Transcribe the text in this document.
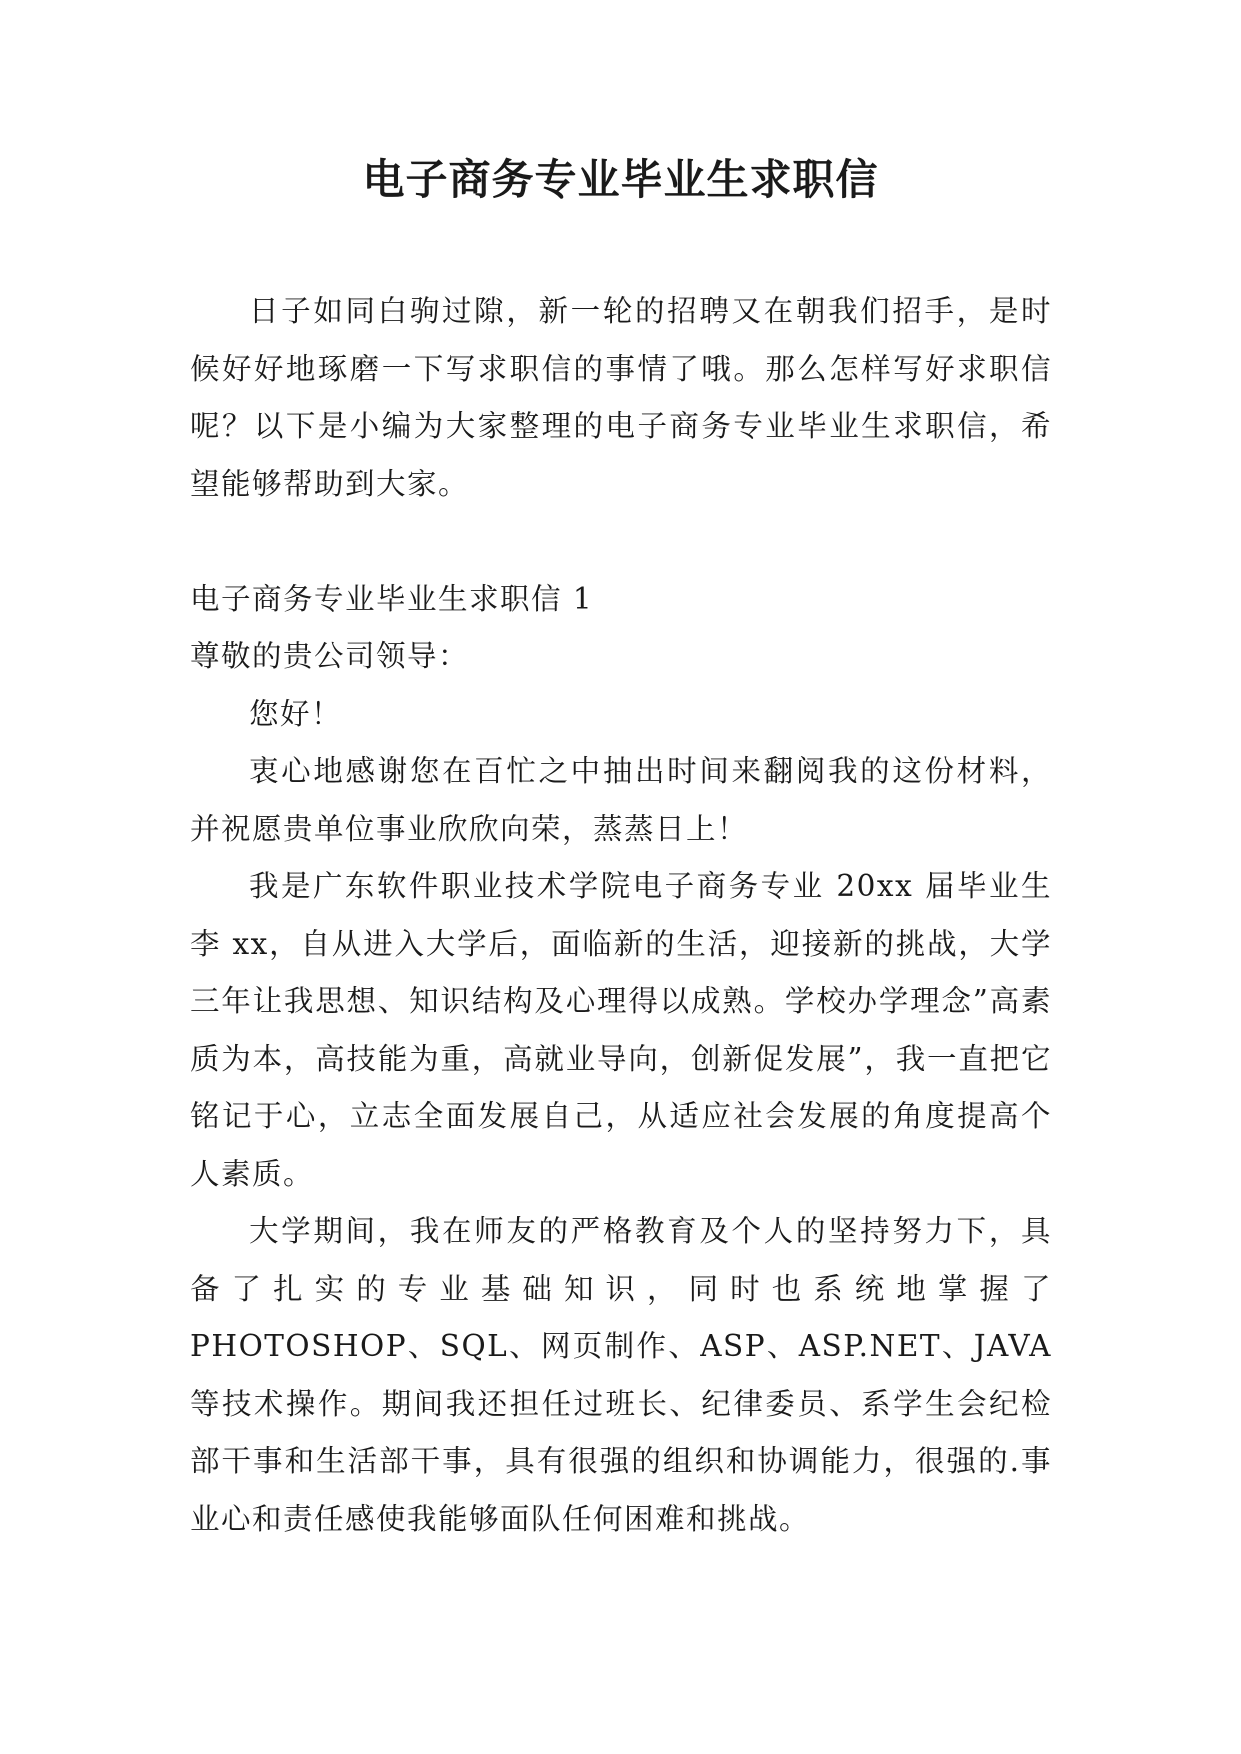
电子商务专业毕业生求职信

日子如同白驹过隙，新一轮的招聘又在朝我们招手，是时候好好地琢磨一下写求职信的事情了哦。那么怎样写好求职信呢？以下是小编为大家整理的电子商务专业毕业生求职信，希望能够帮助到大家。

电子商务专业毕业生求职信 1

尊敬的贵公司领导：

您好！

衷心地感谢您在百忙之中抽出时间来翻阅我的这份材料，并祝愿贵单位事业欣欣向荣，蒸蒸日上！

我是广东软件职业技术学院电子商务专业 20xx 届毕业生李 xx，自从进入大学后，面临新的生活，迎接新的挑战，大学三年让我思想、知识结构及心理得以成熟。学校办学理念”高素质为本，高技能为重，高就业导向，创新促发展”，我一直把它铭记于心，立志全面发展自己，从适应社会发展的角度提高个人素质。

大学期间，我在师友的严格教育及个人的坚持努力下，具备了扎实的专业基础知识，同时也系统地掌握了PHOTOSHOP、SQL、网页制作、ASP、ASP.NET、JAVA 等技术操作。期间我还担任过班长、纪律委员、系学生会纪检部干事和生活部干事，具有很强的组织和协调能力，很强的.事业心和责任感使我能够面队任何困难和挑战。
